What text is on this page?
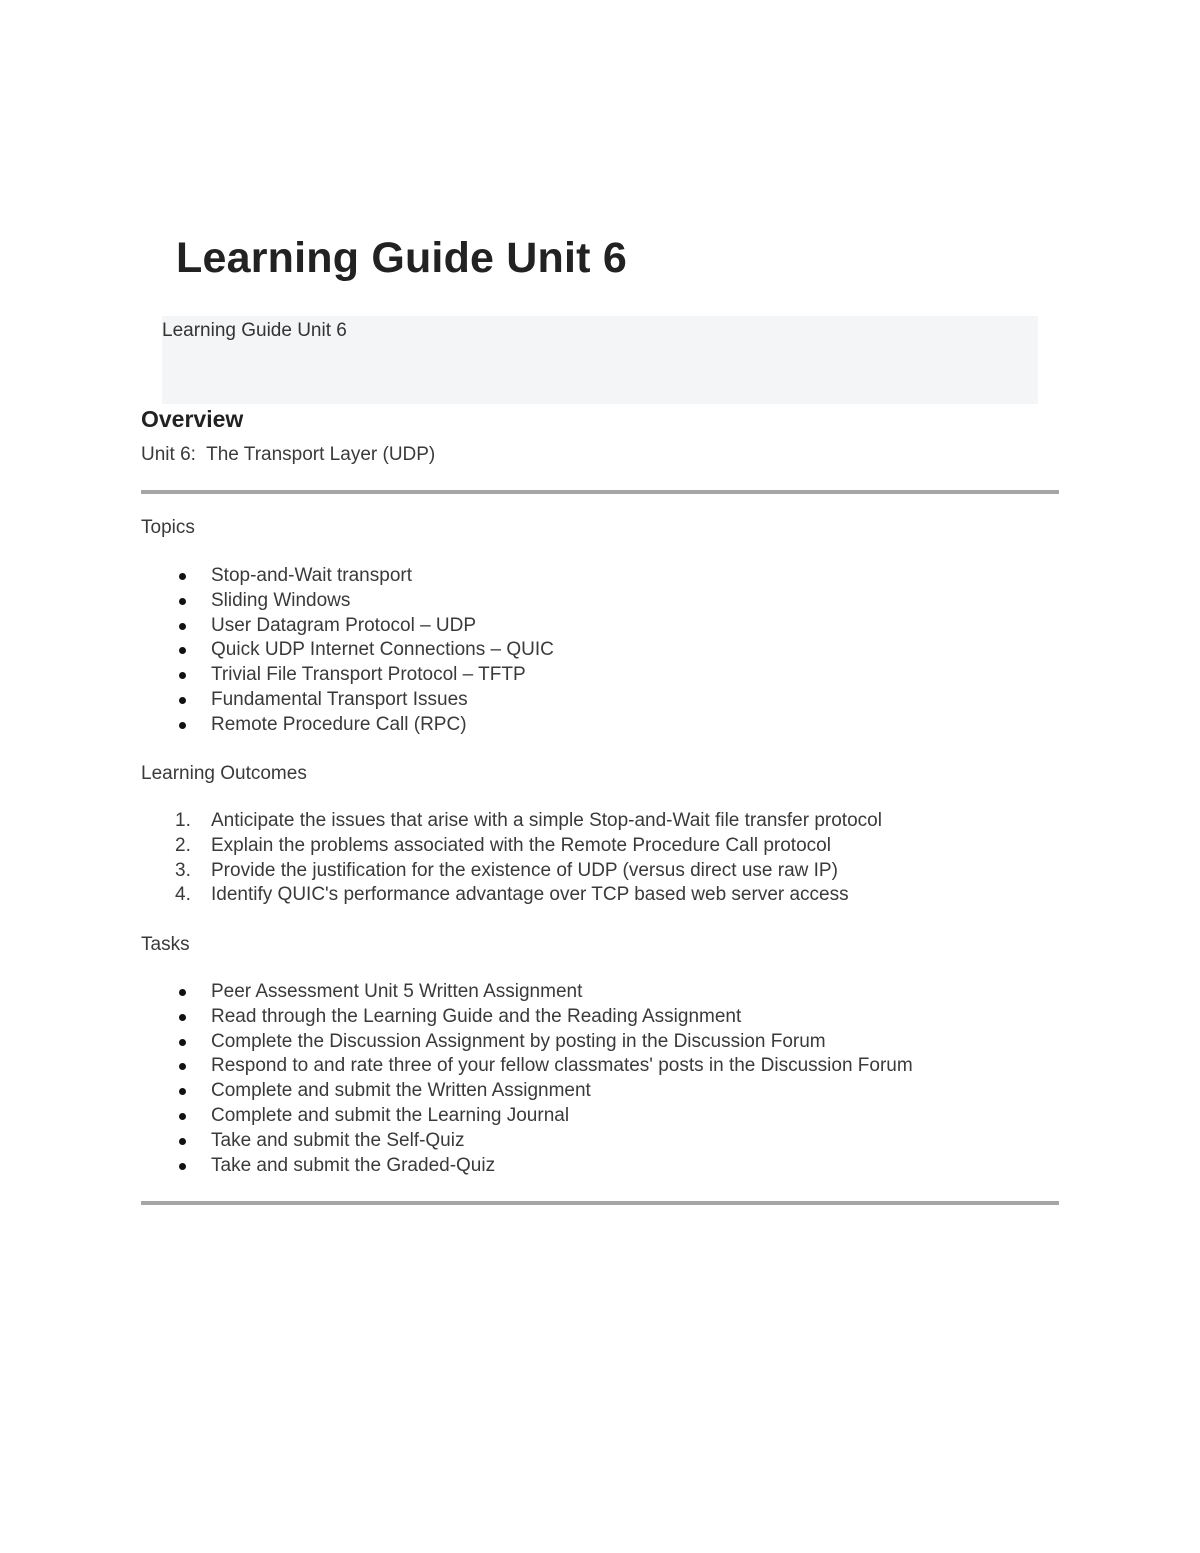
Learning Guide Unit 6
Learning Guide Unit 6
Overview
Unit 6:  The Transport Layer (UDP)
Topics
Stop-and-Wait transport
Sliding Windows
User Datagram Protocol – UDP
Quick UDP Internet Connections – QUIC
Trivial File Transport Protocol – TFTP
Fundamental Transport Issues
Remote Procedure Call (RPC)
Learning Outcomes
1.	Anticipate the issues that arise with a simple Stop-and-Wait file transfer protocol
2.	Explain the problems associated with the Remote Procedure Call protocol
3.	Provide the justification for the existence of UDP (versus direct use raw IP)
4.	Identify QUIC's performance advantage over TCP based web server access
Tasks
Peer Assessment Unit 5 Written Assignment
Read through the Learning Guide and the Reading Assignment
Complete the Discussion Assignment by posting in the Discussion Forum
Respond to and rate three of your fellow classmates' posts in the Discussion Forum
Complete and submit the Written Assignment
Complete and submit the Learning Journal
Take and submit the Self-Quiz
Take and submit the Graded-Quiz
